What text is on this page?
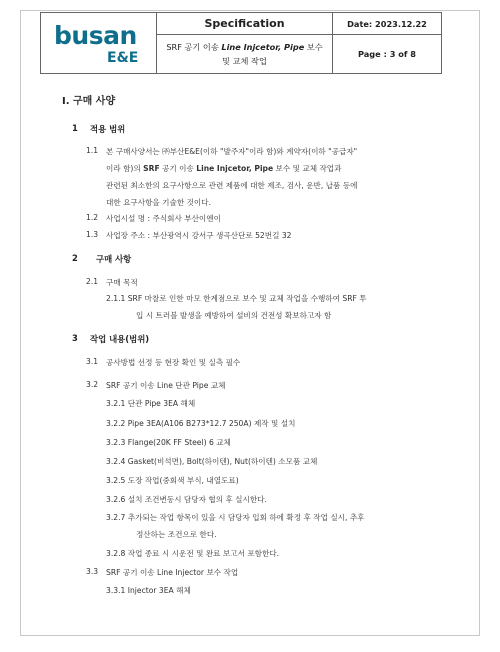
busan
E&E
Specification
SRF 공기 이송 Line Injcetor, Pipe 보수
및 교체 작업
Date: 2023.12.22
Page : 3 of 8
Ⅰ. 구매 사양
1 적용 범위
1.1 본 구매사양서는 ㈜부산E&E(이하 "발주자"이라 함)와 계약자(이하 "공급자"
이라 함)의 SRF 공기 이송 Line Injcetor, Pipe 보수 및 교체 작업과
관련된 최소한의 요구사항으로 관련 제품에 대한 제조, 검사, 운반, 납품 등에
대한 요구사항을 기술한 것이다.
1.2 사업시설 명 : 주식회사 부산이엔이
1.3 사업장 주소 : 부산광역시 강서구 생곡산단로 52번길 32
2 구매 사항
2.1 구매 목적
2.1.1 SRF 마찰로 인한 마모 한계점으로 보수 및 교체 작업을 수행하여 SRF 투
입 시 트러블 발생을 예방하여 설비의 건전성 확보하고자 함
3 작업 내용(범위)
3.1 공사방법 선정 등 현장 확인 및 실측 필수
3.2 SRF 공기 이송 Line 단관 Pipe 교체
3.2.1 단관 Pipe 3EA 해체
3.2.2 Pipe 3EA(A106 B273*12.7 250A) 제작 및 설치
3.2.3 Flange(20K FF Steel) 6 교체
3.2.4 Gasket(비석면), Bolt(하이텐), Nut(하이텐) 소모품 교체
3.2.5 도장 작업(중회색 부식, 내열도료)
3.2.6 설치 조건변동시 담당자 협의 후 실시한다.
3.2.7 추가되는 작업 항목이 있을 시 담당자 입회 하에 확정 후 작업 실시, 추후
정산하는 조건으로 한다.
3.2.8 작업 종료 시 시운전 및 완료 보고서 포함한다.
3.3 SRF 공기 이송 Line Injector 보수 작업
3.3.1 Injector 3EA 해체
